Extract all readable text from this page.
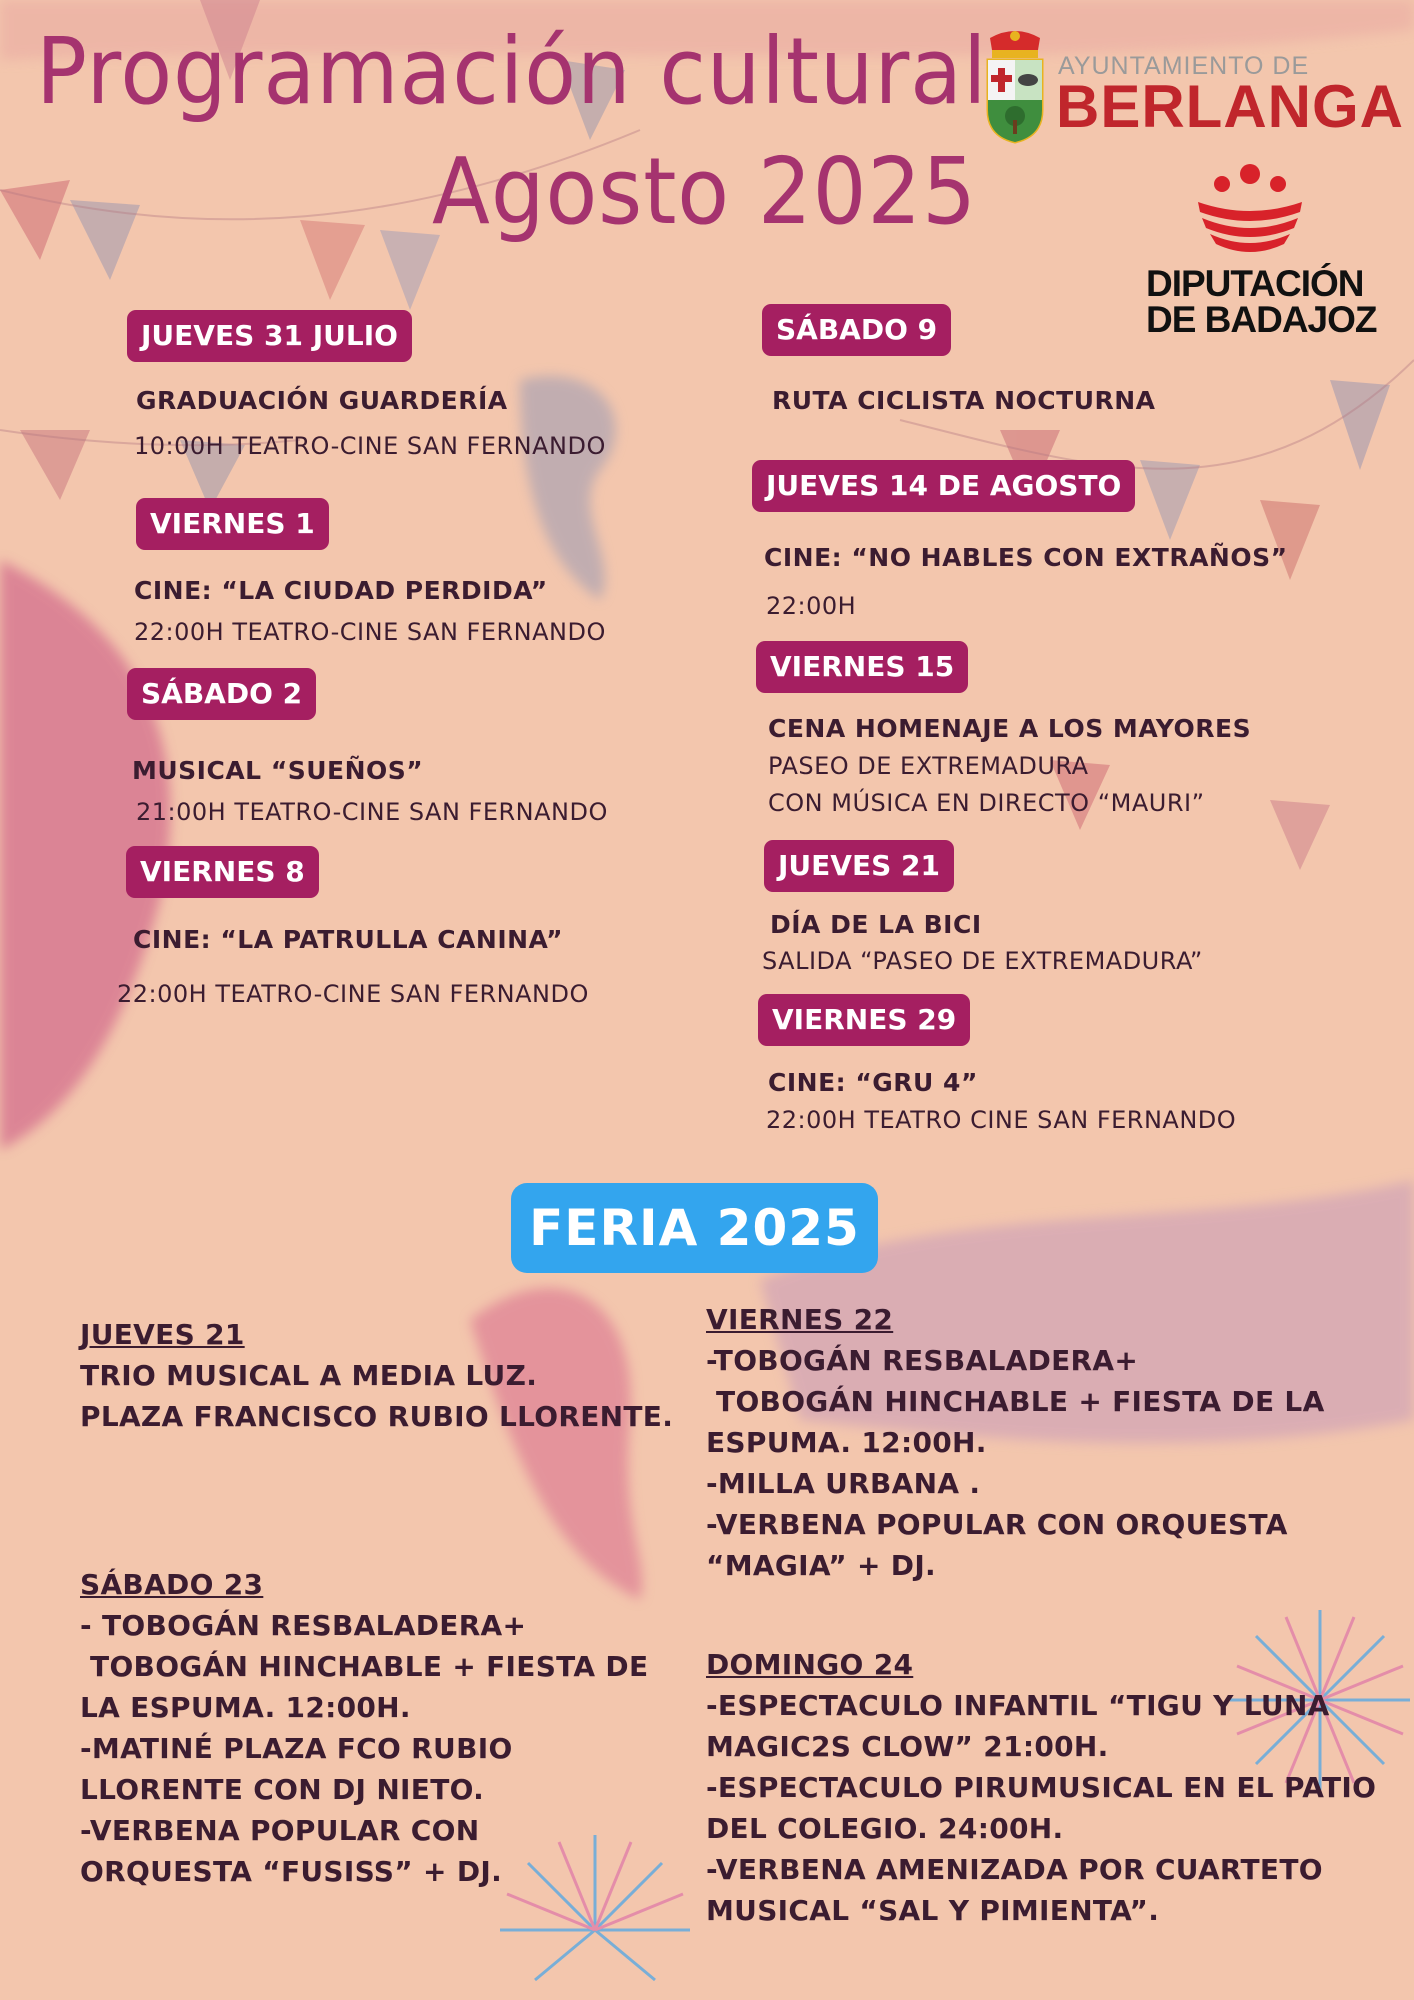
Programación cultural
Agosto 2025
AYUNTAMIENTO DE
BERLANGA
DIPUTACIÓN
DE BADAJOZ
JUEVES 31 JULIO
GRADUACIÓN GUARDERÍA
10:00H TEATRO-CINE SAN FERNANDO
VIERNES 1
CINE: “LA CIUDAD PERDIDA”
22:00H TEATRO-CINE SAN FERNANDO
SÁBADO 2
MUSICAL “SUEÑOS”
21:00H TEATRO-CINE SAN FERNANDO
VIERNES 8
CINE: “LA PATRULLA CANINA”
22:00H TEATRO-CINE SAN FERNANDO
SÁBADO 9
RUTA CICLISTA NOCTURNA
JUEVES 14 DE AGOSTO
CINE: “NO HABLES CON EXTRAÑOS”
22:00H
VIERNES 15
CENA HOMENAJE A LOS MAYORES
PASEO DE EXTREMADURA
CON MÚSICA EN DIRECTO “MAURI”
JUEVES 21
DÍA DE LA BICI
SALIDA “PASEO DE EXTREMADURA”
VIERNES 29
CINE: “GRU 4”
22:00H TEATRO CINE SAN FERNANDO
FERIA 2025
JUEVES 21
TRIO MUSICAL A MEDIA LUZ.
PLAZA FRANCISCO RUBIO LLORENTE.
VIERNES 22
-TOBOGÁN RESBALADERA+
TOBOGÁN HINCHABLE + FIESTA DE LA
ESPUMA. 12:00H.
-MILLA URBANA .
-VERBENA POPULAR CON ORQUESTA
“MAGIA” + DJ.
SÁBADO 23
- TOBOGÁN RESBALADERA+
TOBOGÁN HINCHABLE + FIESTA DE
LA ESPUMA. 12:00H.
-MATINÉ PLAZA FCO RUBIO
LLORENTE CON DJ NIETO.
-VERBENA POPULAR CON
ORQUESTA “FUSISS” + DJ.
DOMINGO 24
-ESPECTACULO INFANTIL “TIGU Y LUNA
MAGIC2S CLOW” 21:00H.
-ESPECTACULO PIRUMUSICAL EN EL PATIO
DEL COLEGIO. 24:00H.
-VERBENA AMENIZADA POR CUARTETO
MUSICAL “SAL Y PIMIENTA”.
